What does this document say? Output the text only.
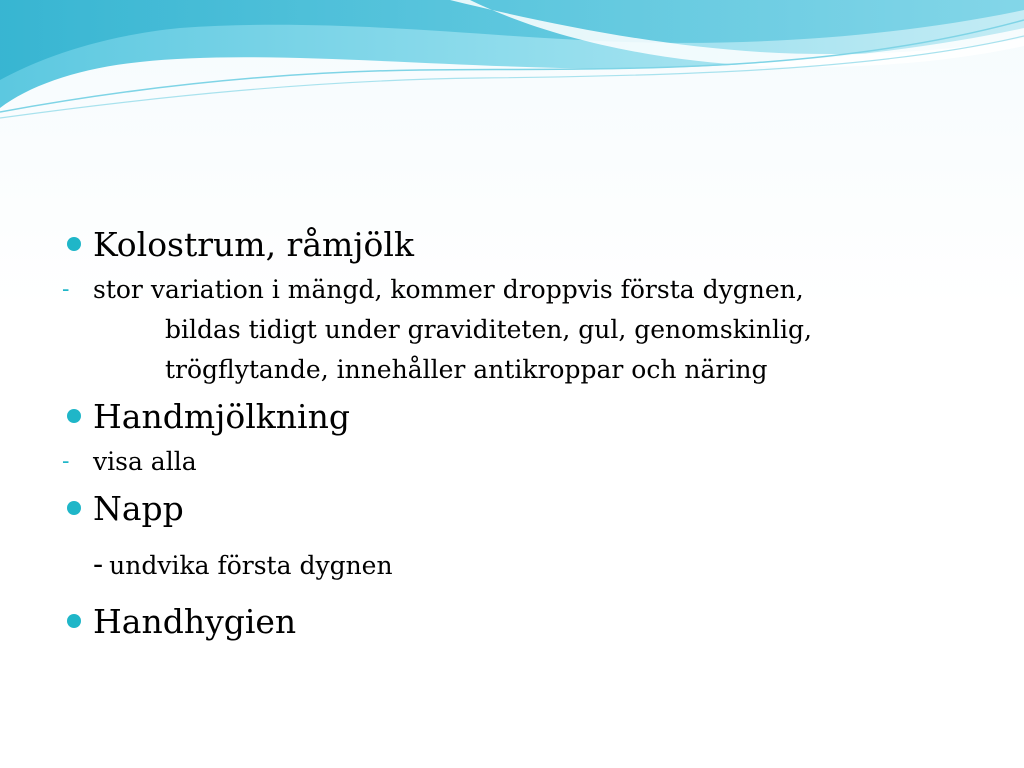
Kolostrum, råmjölk
- stor variation i mängd, kommer droppvis första dygnen,
bildas tidigt under graviditeten, gul, genomskinlig,
trögflytande, innehåller antikroppar och näring
Handmjölkning
- visa alla
Napp
- undvika första dygnen
Handhygien
